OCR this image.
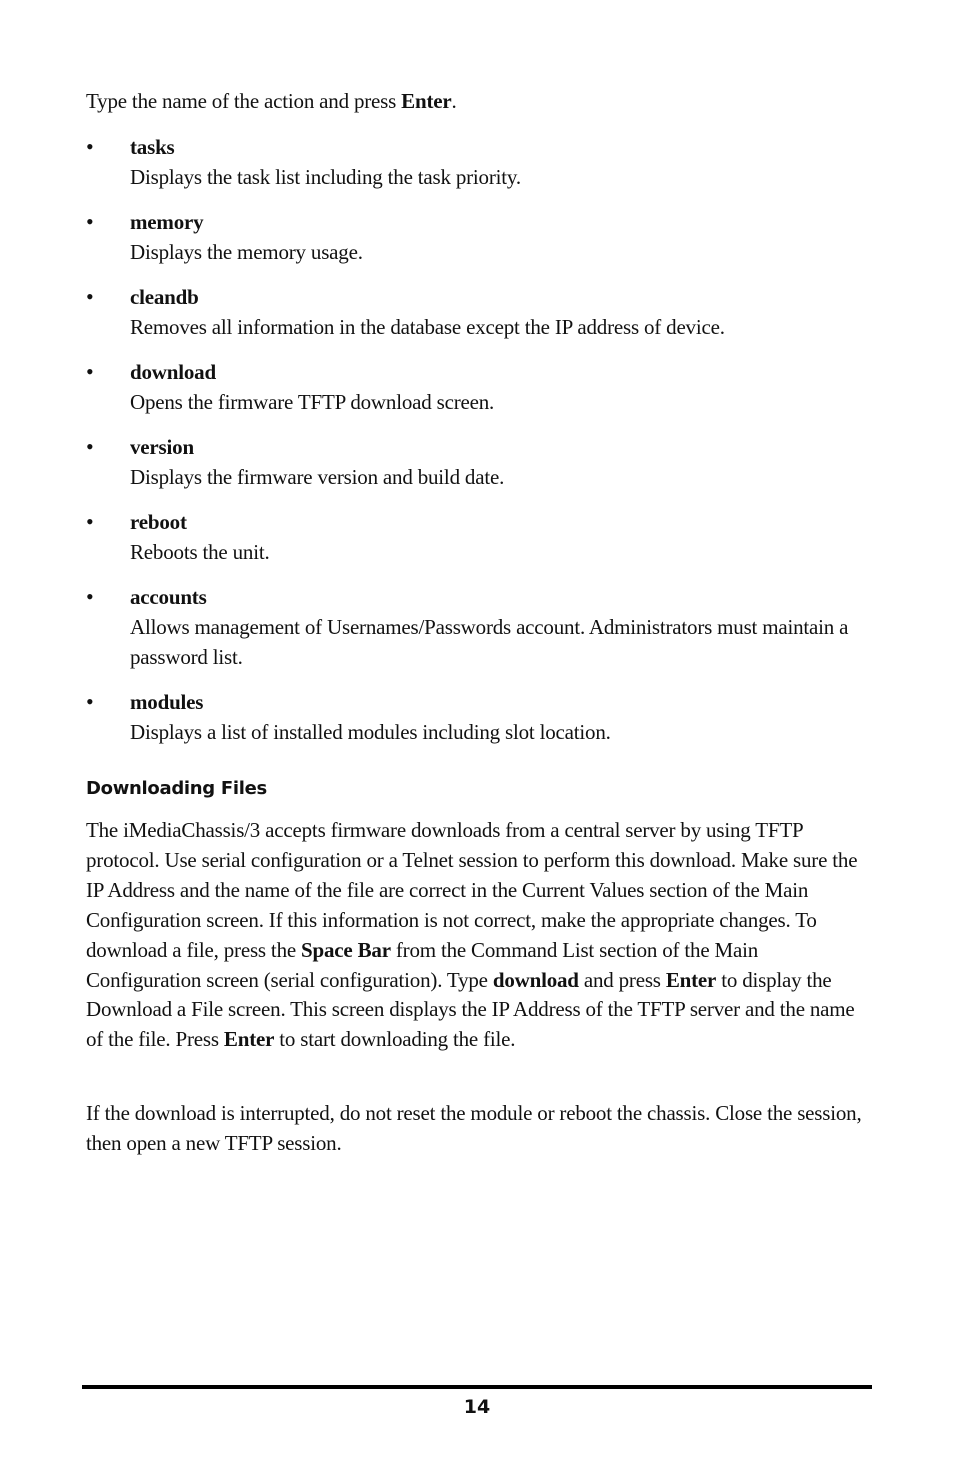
Type the name of the action and press Enter.
•	tasks
Displays the task list including the task priority.
•	memory
Displays the memory usage.
•	cleandb
Removes all information in the database except the IP address of device.
•	download
Opens the firmware TFTP download screen.
•	version
Displays the firmware version and build date.
•	reboot
Reboots the unit.
•	accounts
Allows management of Usernames/Passwords account. Administrators must maintain a password list.
•	modules
Displays a list of installed modules including slot location.
Downloading Files

The iMediaChassis/3 accepts firmware downloads from a central server by using TFTP protocol. Use serial configuration or a Telnet session to perform this download. Make sure the IP Address and the name of the file are correct in the Current Values section of the Main Configuration screen. If this information is not correct, make the appropriate changes. To download a file, press the Space Bar from the Command List section of the Main Configuration screen (serial configuration). Type download and press Enter to display the Download a File screen. This screen displays the IP Address of the TFTP server and the name of the file. Press Enter to start downloading the file.

If the download is interrupted, do not reset the module or reboot the chassis. Close the session, then open a new TFTP session.

14
